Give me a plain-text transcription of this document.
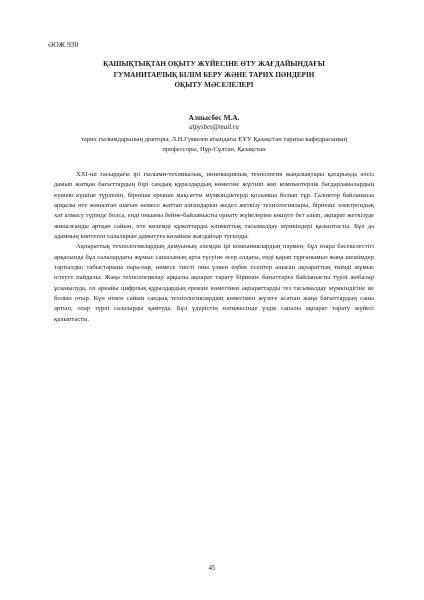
ӘОЖ 930
ҚАШЫҚТЫҚТАН ОҚЫТУ ЖҮЙЕСІНЕ ӨТУ ЖАҒДАЙЫНДАҒЫ
ГУМАНИТАРЛЫҚ БІЛІМ БЕРУ ЖӘНЕ ТАРИХ ПӘНДЕРІН
ОҚЫТУ МӘСЕЛЕЛЕРІ
Алпысбес М.А.
alpysbes@mail.ru
тарих ғылымдарының докторы, Л.Н.Гумилев атындағы ЕҰУ Қазақстан тарихы кафедрасының
профессоры, Нұр-Сұлтан, Қазақстан

XXI-ші ғасырдағы ірі ғылыми-техникалық, инновациялық технология жаңалықтары қатарында әлсіз дамып жатқан бағыттардың бірі сандық құралдардың көмегіне жүгініп жиі компьютерлік бағдарламалардың күшею күшіне түрленіп, бірнеше ерекше мақсатты мүмкіндіктерді қосымша болып тұр. Галоктор байланысы арқылы өте жиналған шағын немесе жаттап алғандарын жедел жеткізу технологиялары, бірнеше электрондық хат алмасу түрінде болса, енді оныаны бейне-байланысты орнату жүйелеріне көшуге бет алып, ақпарат жеткізуде жиналғанды артқан сайын, өте көлемді құжаттарды климаттық тасымалдау мүмкіндері қалыптасты. Бұл да адамның көптеген салаларын дамытуға көзайым жағдайлар туғызды.

Ақпараттық технологиялардың дамуының әлемдік ірі компаниялардың пәрмен, бұл өзара бәсекелестігі арқасында бұл салалардағы жұмыс сапасының арта түсуіне әсер алдағы, енді қарап тұрғанымыз жаңа шешімдер тартылды; табыстарына пара-пар, немесе тиісті оны үлкен еңбек есептер алыған ақпараттың тиімді жұмыс істеуге пайдалы. Жаңа технологиялар арқылы ақпарат тарату бірнеше бағыттарға байланысты түрлі жобалар ұсынылуда, ол арнайы цифрлық құралдардың ерекше көмегімен ақпараттарды тез тасымалдау мүмкіндігіне ие болып отыр. Күн өткен сайын сандық технологиялардың көмегімен жүзеге асатын жаңа бағыттардың саны артып, олар түрлі салаларды қамтуда. Бұл үдерістің нәтижесінде үздік сапалы ақпарат тарату жүйесі қалыптасты.

45
